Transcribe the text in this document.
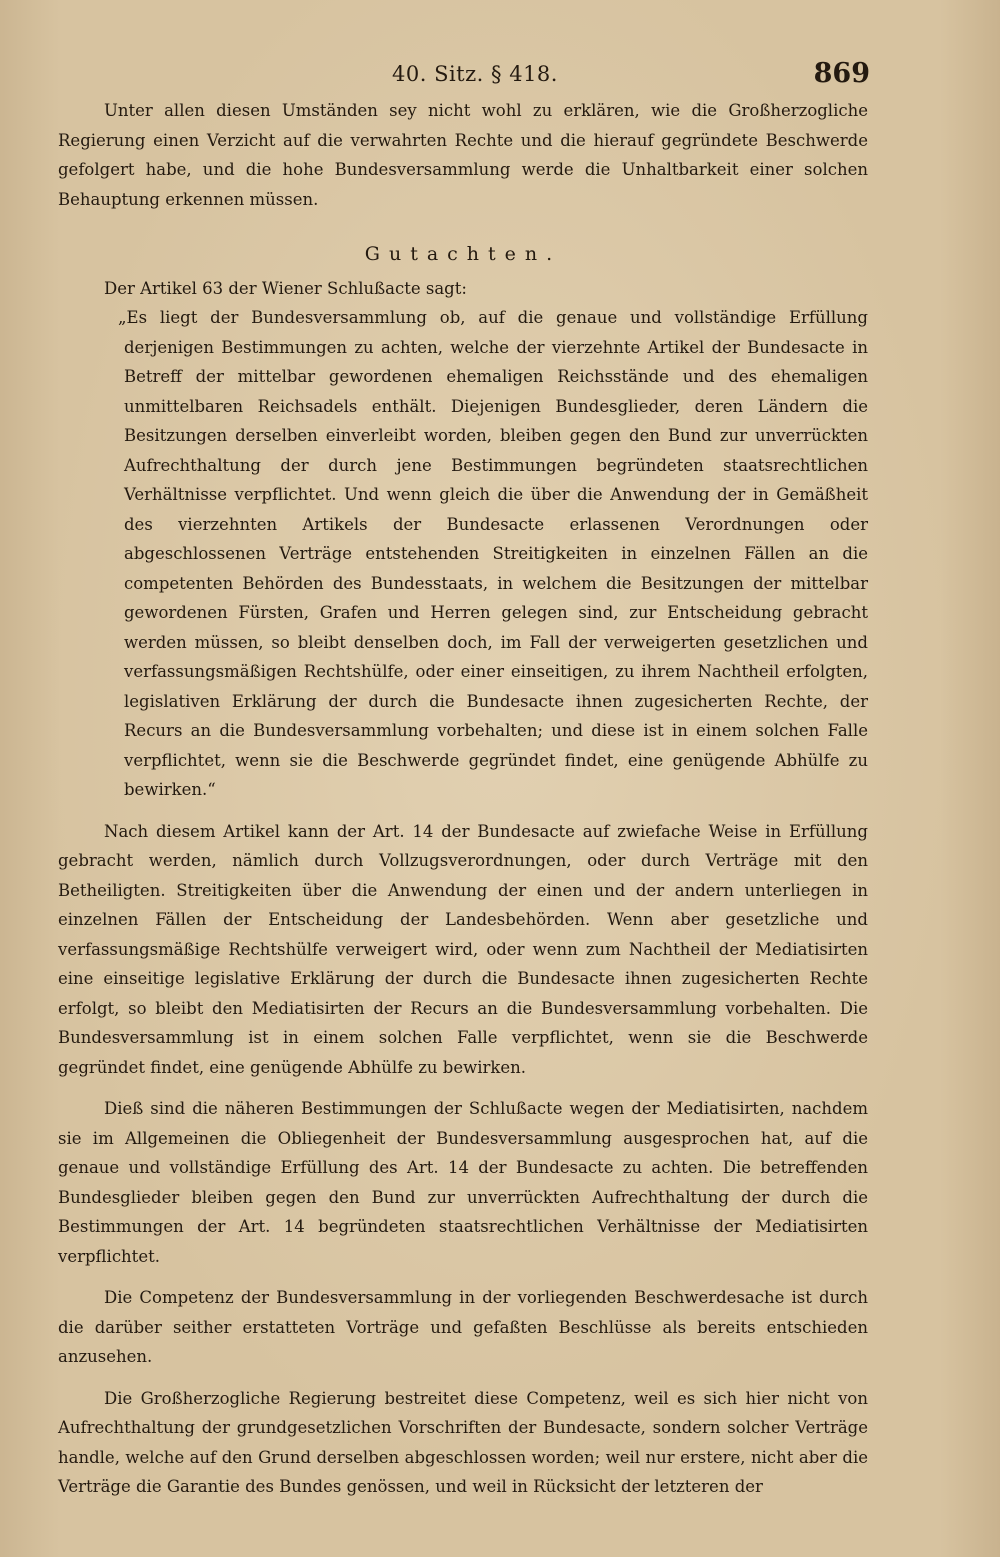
40. Sitz. § 418.	869

Unter allen diesen Umständen sey nicht wohl zu erklären, wie die Großherzogliche Regierung einen Verzicht auf die verwahrten Rechte und die hierauf gegründete Beschwerde gefolgert habe, und die hohe Bundesversammlung werde die Unhaltbarkeit einer solchen Behauptung erkennen müssen.

Gutachten.

Der Artikel 63 der Wiener Schlußacte sagt:

„Es liegt der Bundesversammlung ob, auf die genaue und vollständige Erfüllung derjenigen Bestimmungen zu achten, welche der vierzehnte Artikel der Bundesacte in Betreff der mittelbar gewordenen ehemaligen Reichsstände und des ehemaligen unmittelbaren Reichsadels enthält. Diejenigen Bundesglieder, deren Ländern die Besitzungen derselben einverleibt worden, bleiben gegen den Bund zur unverrückten Aufrechthaltung der durch jene Bestimmungen begründeten staatsrechtlichen Verhältnisse verpflichtet. Und wenn gleich die über die Anwendung der in Gemäßheit des vierzehnten Artikels der Bundesacte erlassenen Verordnungen oder abgeschlossenen Verträge entstehenden Streitigkeiten in einzelnen Fällen an die competenten Behörden des Bundesstaats, in welchem die Besitzungen der mittelbar gewordenen Fürsten, Grafen und Herren gelegen sind, zur Entscheidung gebracht werden müssen, so bleibt denselben doch, im Fall der verweigerten gesetzlichen und verfassungsmäßigen Rechtshülfe, oder einer einseitigen, zu ihrem Nachtheil erfolgten, legislativen Erklärung der durch die Bundesacte ihnen zugesicherten Rechte, der Recurs an die Bundesversammlung vorbehalten; und diese ist in einem solchen Falle verpflichtet, wenn sie die Beschwerde gegründet findet, eine genügende Abhülfe zu bewirken.“

Nach diesem Artikel kann der Art. 14 der Bundesacte auf zwiefache Weise in Erfüllung gebracht werden, nämlich durch Vollzugsverordnungen, oder durch Verträge mit den Betheiligten. Streitigkeiten über die Anwendung der einen und der andern unterliegen in einzelnen Fällen der Entscheidung der Landesbehörden. Wenn aber gesetzliche und verfassungsmäßige Rechtshülfe verweigert wird, oder wenn zum Nachtheil der Mediatisirten eine einseitige legislative Erklärung der durch die Bundesacte ihnen zugesicherten Rechte erfolgt, so bleibt den Mediatisirten der Recurs an die Bundesversammlung vorbehalten. Die Bundesversammlung ist in einem solchen Falle verpflichtet, wenn sie die Beschwerde gegründet findet, eine genügende Abhülfe zu bewirken.

Dieß sind die näheren Bestimmungen der Schlußacte wegen der Mediatisirten, nachdem sie im Allgemeinen die Obliegenheit der Bundesversammlung ausgesprochen hat, auf die genaue und vollständige Erfüllung des Art. 14 der Bundesacte zu achten. Die betreffenden Bundesglieder bleiben gegen den Bund zur unverrückten Aufrechthaltung der durch die Bestimmungen der Art. 14 begründeten staatsrechtlichen Verhältnisse der Mediatisirten verpflichtet.

Die Competenz der Bundesversammlung in der vorliegenden Beschwerdesache ist durch die darüber seither erstatteten Vorträge und gefaßten Beschlüsse als bereits entschieden anzusehen.

Die Großherzogliche Regierung bestreitet diese Competenz, weil es sich hier nicht von Aufrechthaltung der grundgesetzlichen Vorschriften der Bundesacte, sondern solcher Verträge handle, welche auf den Grund derselben abgeschlossen worden; weil nur erstere, nicht aber die Verträge die Garantie des Bundes genössen, und weil in Rücksicht der letzteren der
